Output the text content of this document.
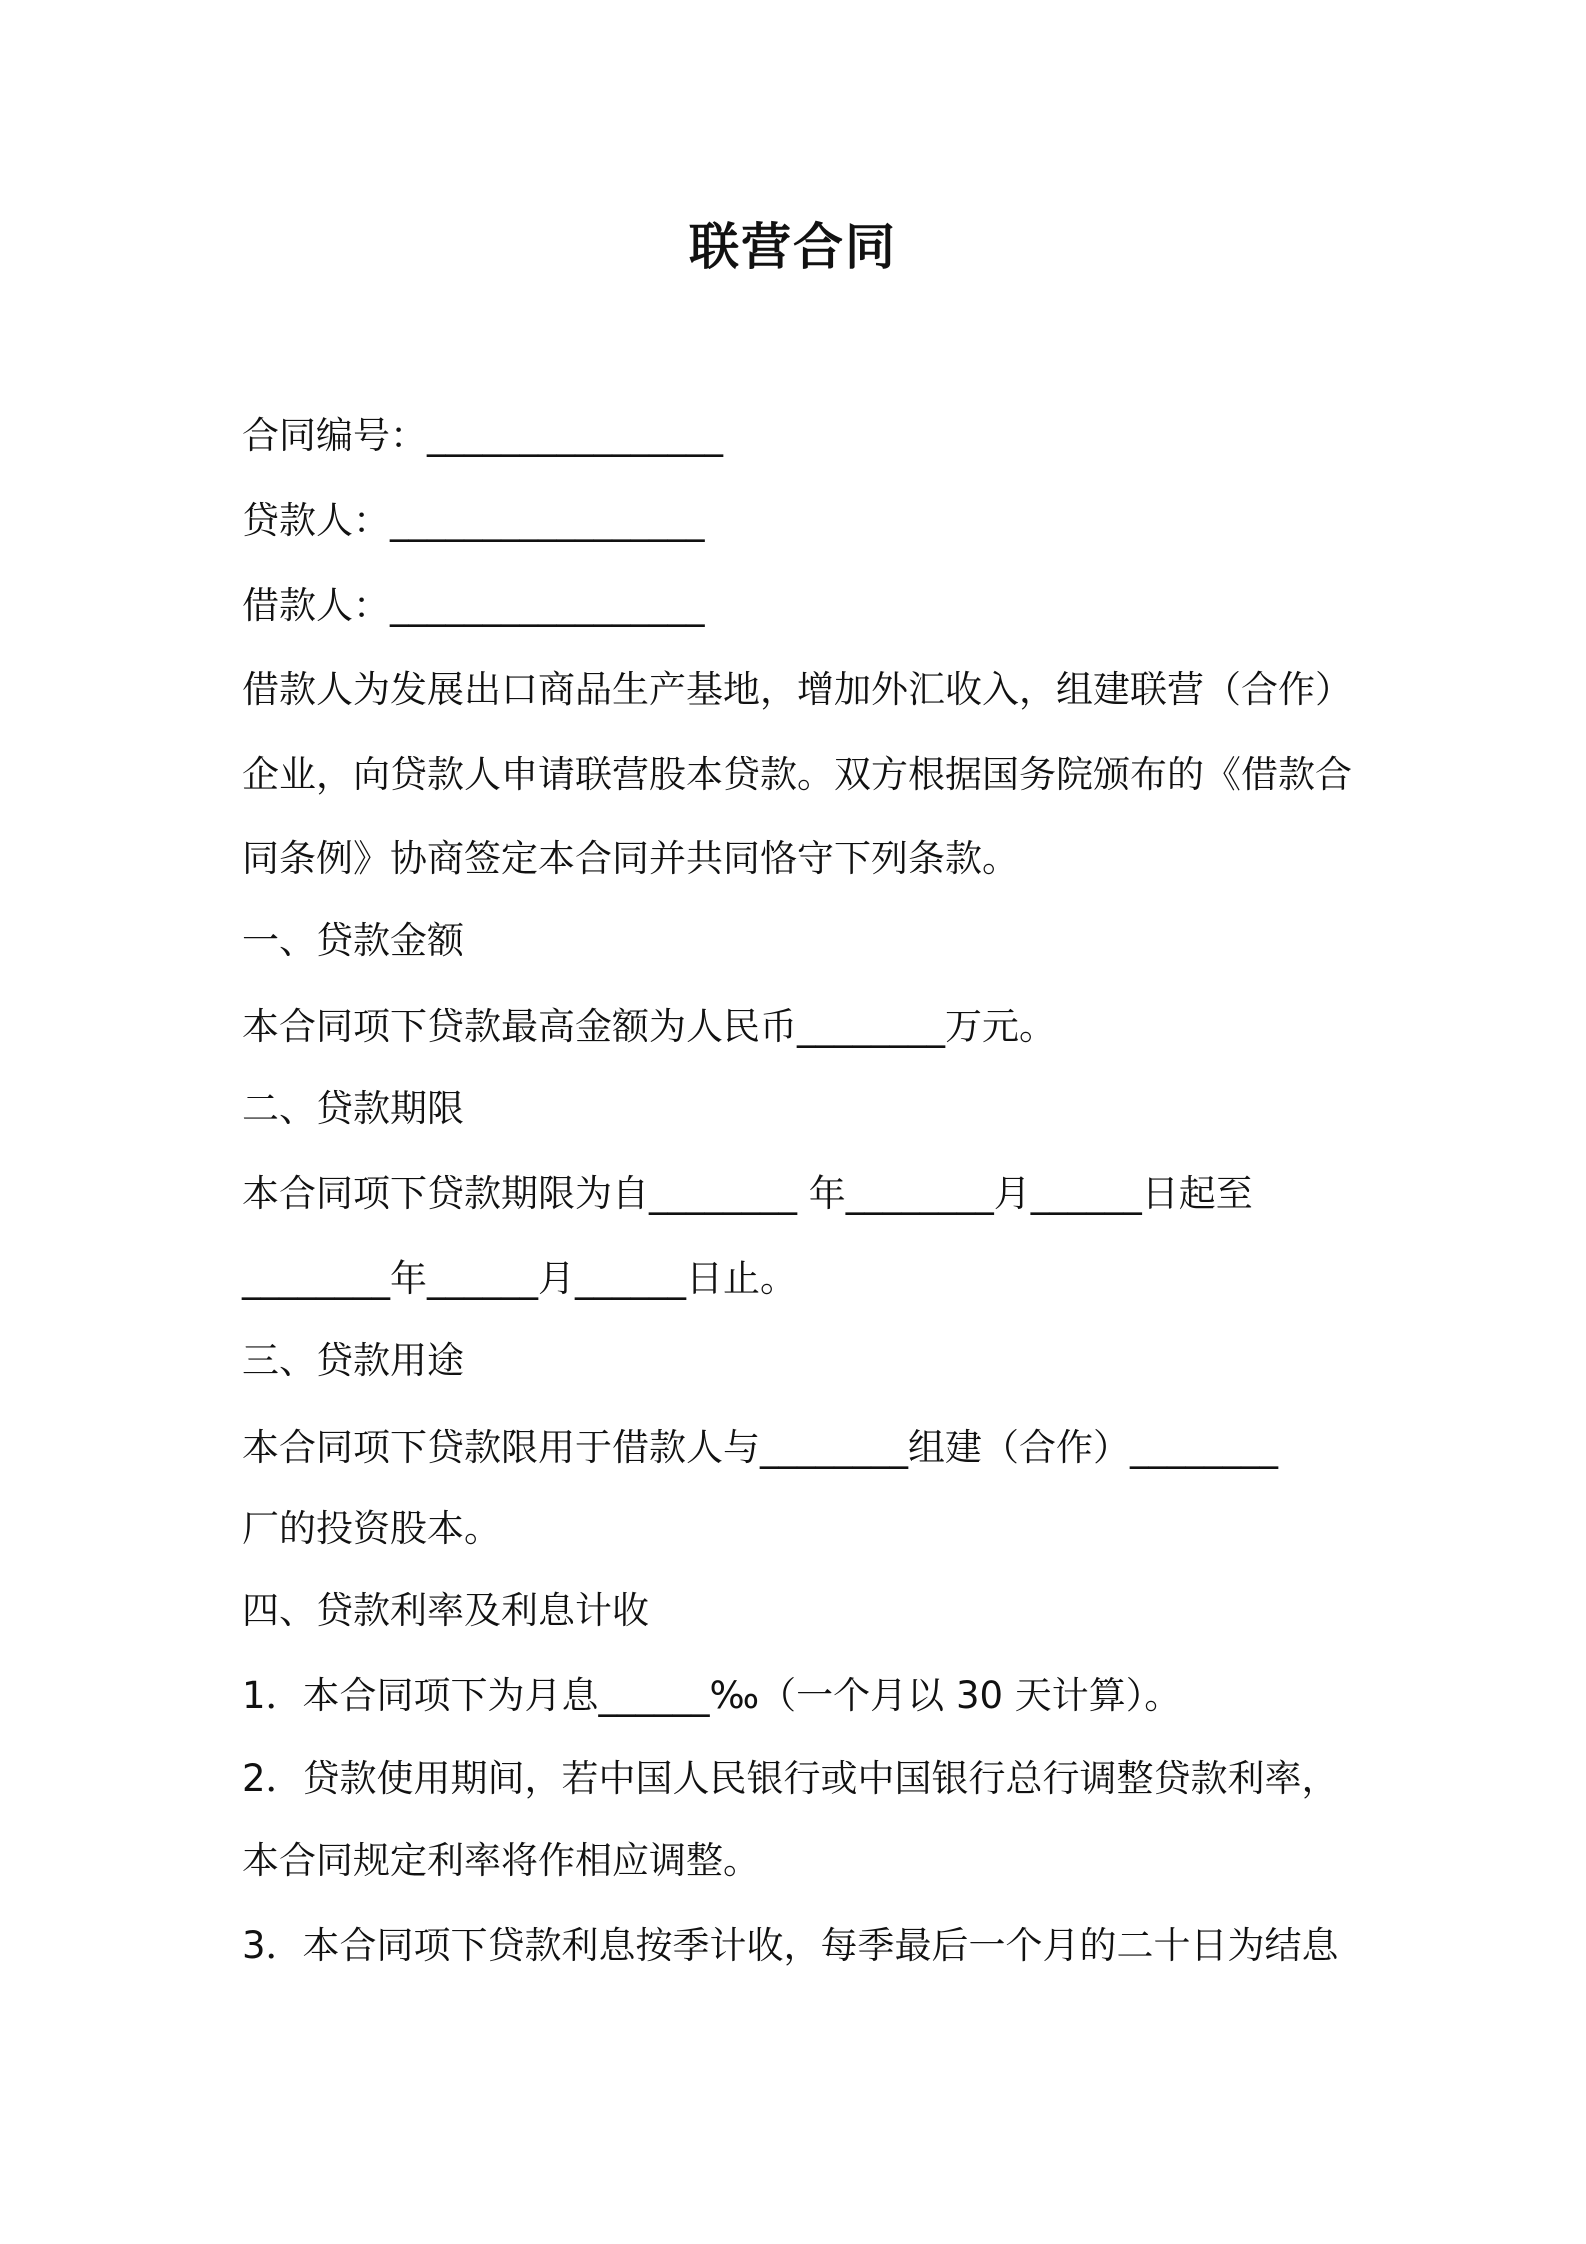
联营合同
合同编号：________________
贷款人：_________________
借款人：_________________
借款人为发展出口商品生产基地，增加外汇收入，组建联营（合作）
企业，向贷款人申请联营股本贷款。双方根据国务院颁布的《借款合
同条例》协商签定本合同并共同恪守下列条款。
一、贷款金额
本合同项下贷款最高金额为人民币________万元。
二、贷款期限
本合同项下贷款期限为自________ 年________月______日起至
________年______月______日止。
三、贷款用途
本合同项下贷款限用于借款人与________组建（合作）________
厂的投资股本。
四、贷款利率及利息计收
1．本合同项下为月息______‰（一个月以 30 天计算）。
2．贷款使用期间，若中国人民银行或中国银行总行调整贷款利率，
本合同规定利率将作相应调整。
3．本合同项下贷款利息按季计收，每季最后一个月的二十日为结息
